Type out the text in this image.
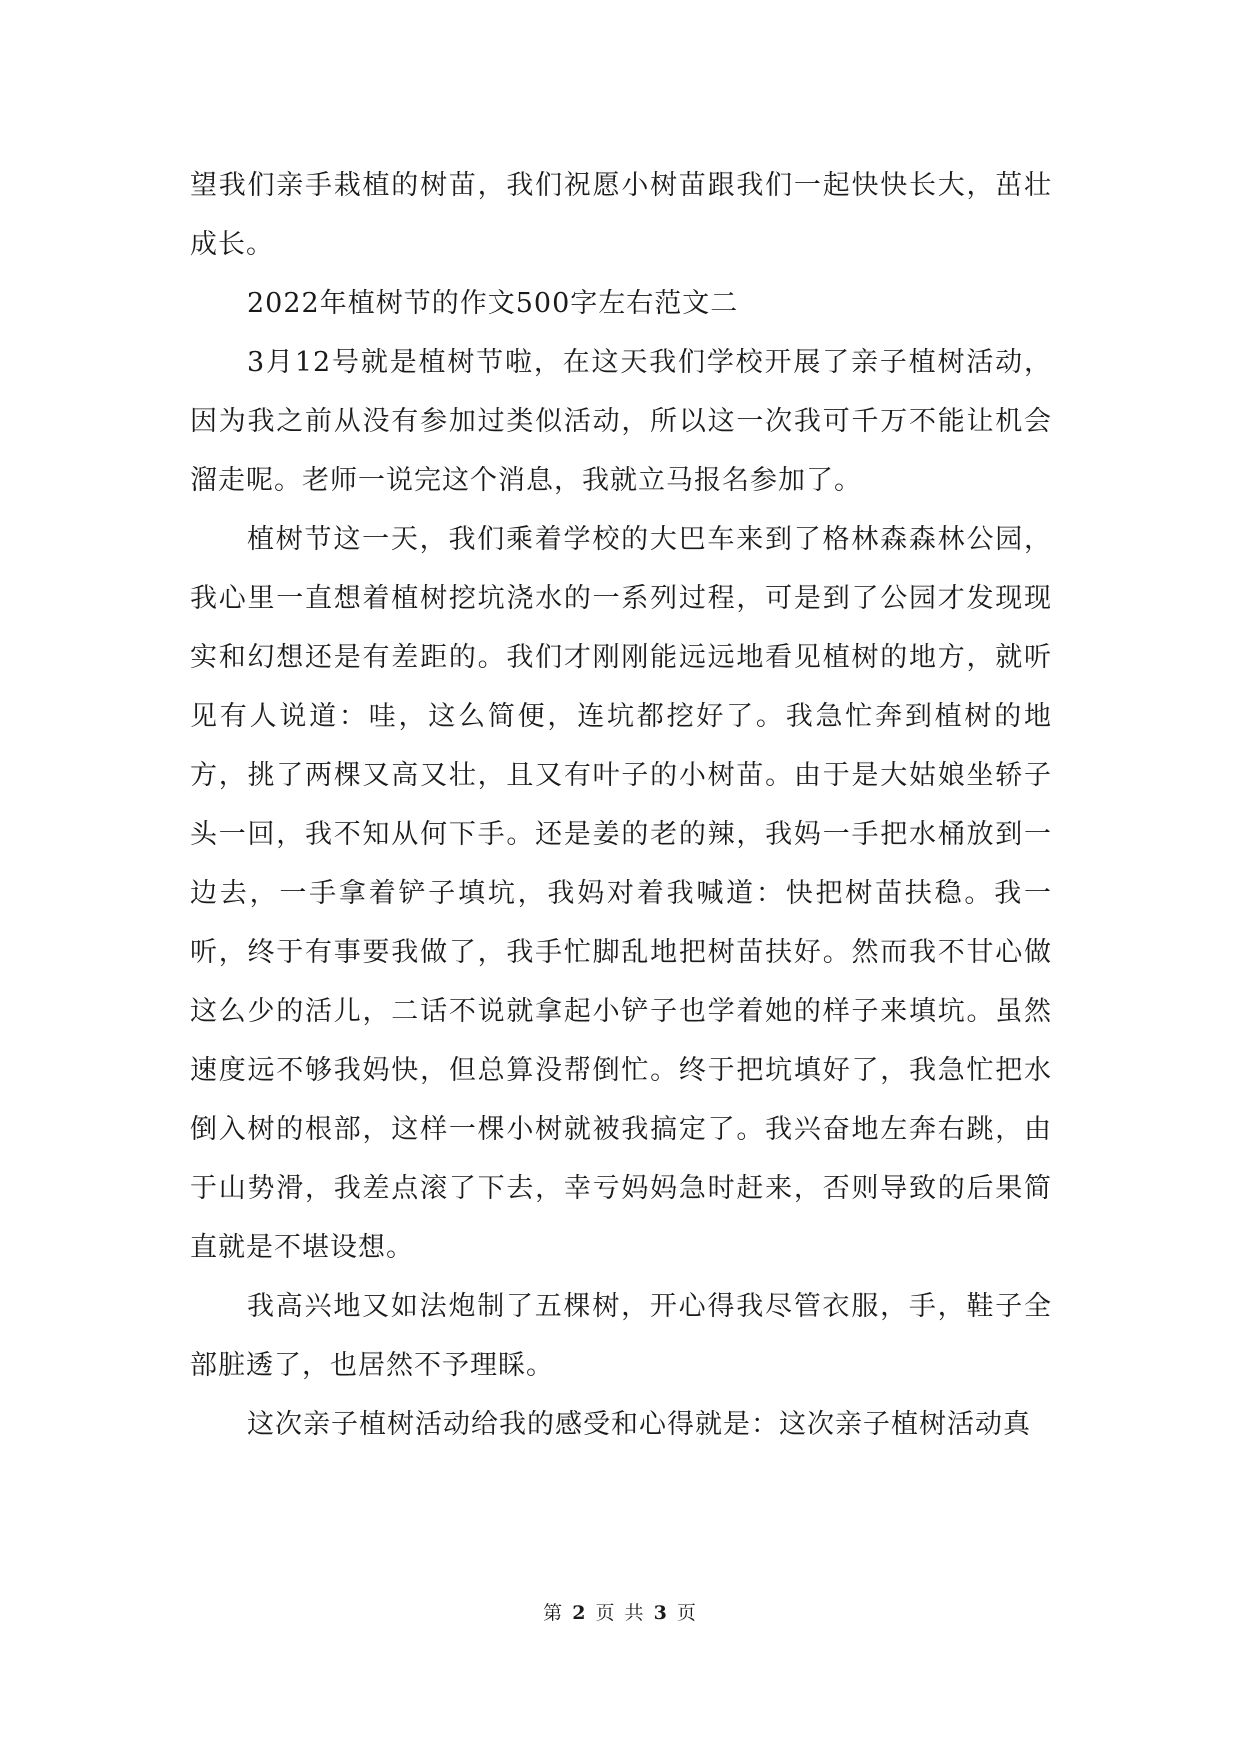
望我们亲手栽植的树苗，我们祝愿小树苗跟我们一起快快长大，茁壮成长。

2022年植树节的作文500字左右范文二

3月12号就是植树节啦，在这天我们学校开展了亲子植树活动，因为我之前从没有参加过类似活动，所以这一次我可千万不能让机会溜走呢。老师一说完这个消息，我就立马报名参加了。

植树节这一天，我们乘着学校的大巴车来到了格林森森林公园，我心里一直想着植树挖坑浇水的一系列过程，可是到了公园才发现现实和幻想还是有差距的。我们才刚刚能远远地看见植树的地方，就听见有人说道：哇，这么简便，连坑都挖好了。我急忙奔到植树的地方，挑了两棵又高又壮，且又有叶子的小树苗。由于是大姑娘坐轿子头一回，我不知从何下手。还是姜的老的辣，我妈一手把水桶放到一边去，一手拿着铲子填坑，我妈对着我喊道：快把树苗扶稳。我一听，终于有事要我做了，我手忙脚乱地把树苗扶好。然而我不甘心做这么少的活儿，二话不说就拿起小铲子也学着她的样子来填坑。虽然速度远不够我妈快，但总算没帮倒忙。终于把坑填好了，我急忙把水倒入树的根部，这样一棵小树就被我搞定了。我兴奋地左奔右跳，由于山势滑，我差点滚了下去，幸亏妈妈急时赶来，否则导致的后果简直就是不堪设想。

我高兴地又如法炮制了五棵树，开心得我尽管衣服，手，鞋子全部脏透了，也居然不予理睬。

这次亲子植树活动给我的感受和心得就是：这次亲子植树活动真

第 2 页 共 3 页
